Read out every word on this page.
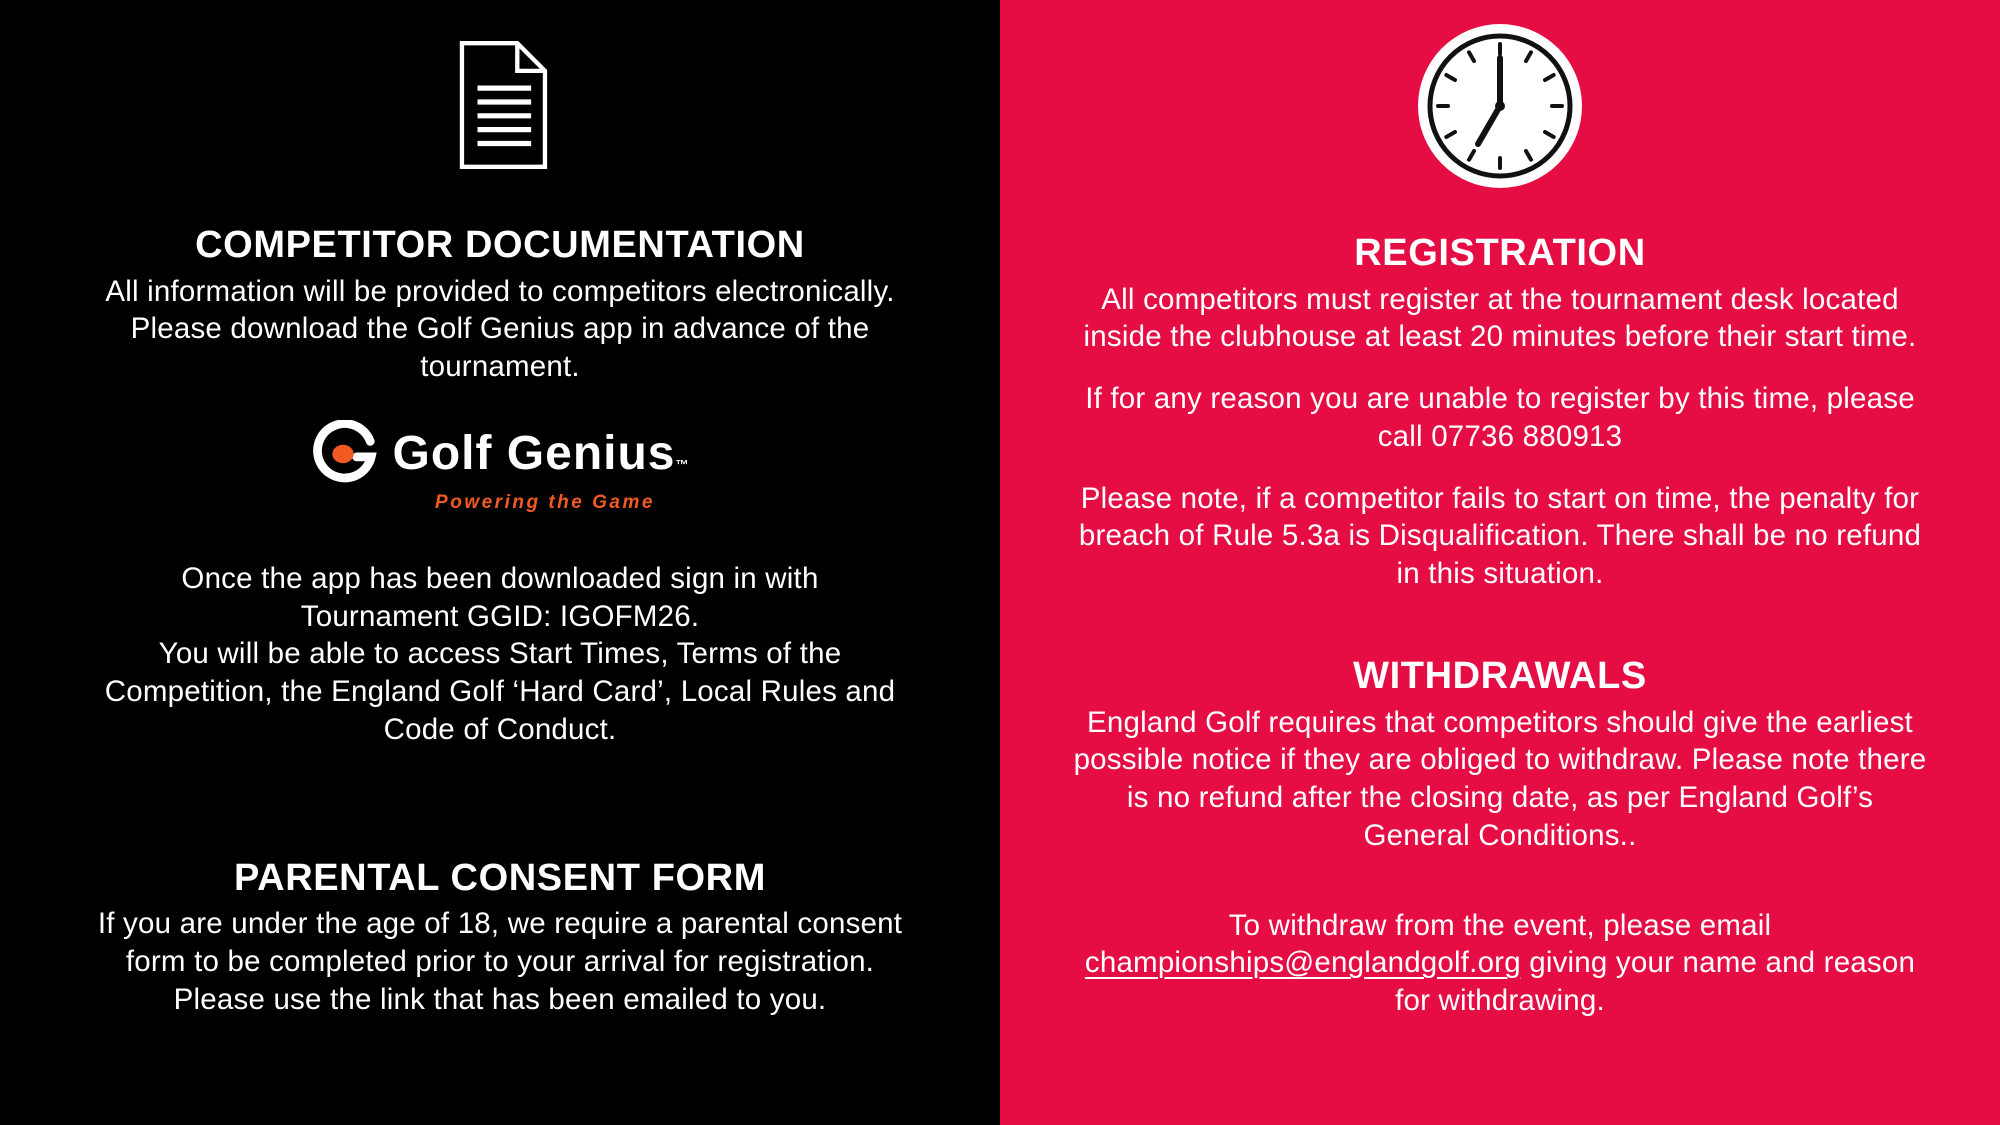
COMPETITOR DOCUMENTATION

All information will be provided to competitors electronically. Please download the Golf Genius app in advance of the tournament.

Golf Genius™
Powering the Game
Once the app has been downloaded sign in with
Tournament GGID: IGOFM26.
You will be able to access Start Times, Terms of the Competition, the England Golf ‘Hard Card’, Local Rules and Code of Conduct.
PARENTAL CONSENT FORM

If you are under the age of 18, we require a parental consent form to be completed prior to your arrival for registration. Please use the link that has been emailed to you.

REGISTRATION

All competitors must register at the tournament desk located inside the clubhouse at least 20 minutes before their start time.

If for any reason you are unable to register by this time, please call 07736 880913

Please note, if a competitor fails to start on time, the penalty for breach of Rule 5.3a is Disqualification. There shall be no refund in this situation.

WITHDRAWALS

England Golf requires that competitors should give the earliest possible notice if they are obliged to withdraw. Please note there is no refund after the closing date, as per England Golf’s General Conditions..

To withdraw from the event, please email championships@englandgolf.org giving your name and reason for withdrawing.
